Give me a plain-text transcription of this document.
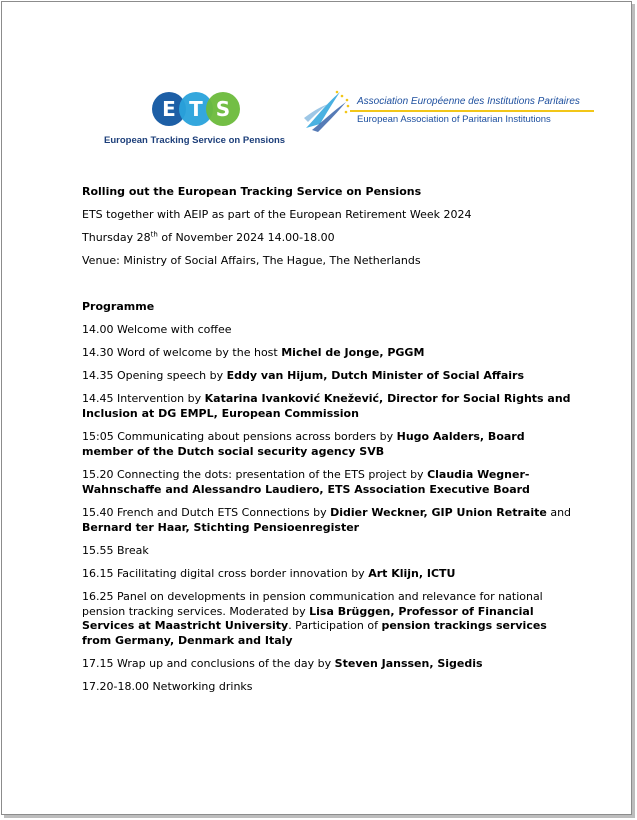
E T S
European Tracking Service on Pensions
Association Européenne des Institutions Paritaires
European Association of Paritarian Institutions
Rolling out the European Tracking Service on Pensions
ETS together with AEIP as part of the European Retirement Week 2024
Thursday 28th of November 2024 14.00-18.00
Venue: Ministry of Social Affairs, The Hague, The Netherlands
Programme
14.00 Welcome with coffee
14.30 Word of welcome by the host Michel de Jonge, PGGM
14.35 Opening speech by Eddy van Hijum, Dutch Minister of Social Affairs
14.45 Intervention by Katarina Ivanković Knežević, Director for Social Rights and Inclusion at DG EMPL, European Commission
15:05 Communicating about pensions across borders by Hugo Aalders, Board member of the Dutch social security agency SVB
15.20 Connecting the dots: presentation of the ETS project by Claudia Wegner-Wahnschaffe and Alessandro Laudiero, ETS Association Executive Board
15.40 French and Dutch ETS Connections by Didier Weckner, GIP Union Retraite and Bernard ter Haar, Stichting Pensioenregister
15.55 Break
16.15 Facilitating digital cross border innovation by Art Klijn, ICTU
16.25 Panel on developments in pension communication and relevance for national pension tracking services. Moderated by Lisa Brüggen, Professor of Financial Services at Maastricht University. Participation of pension trackings services from Germany, Denmark and Italy
17.15 Wrap up and conclusions of the day by Steven Janssen, Sigedis
17.20-18.00 Networking drinks
